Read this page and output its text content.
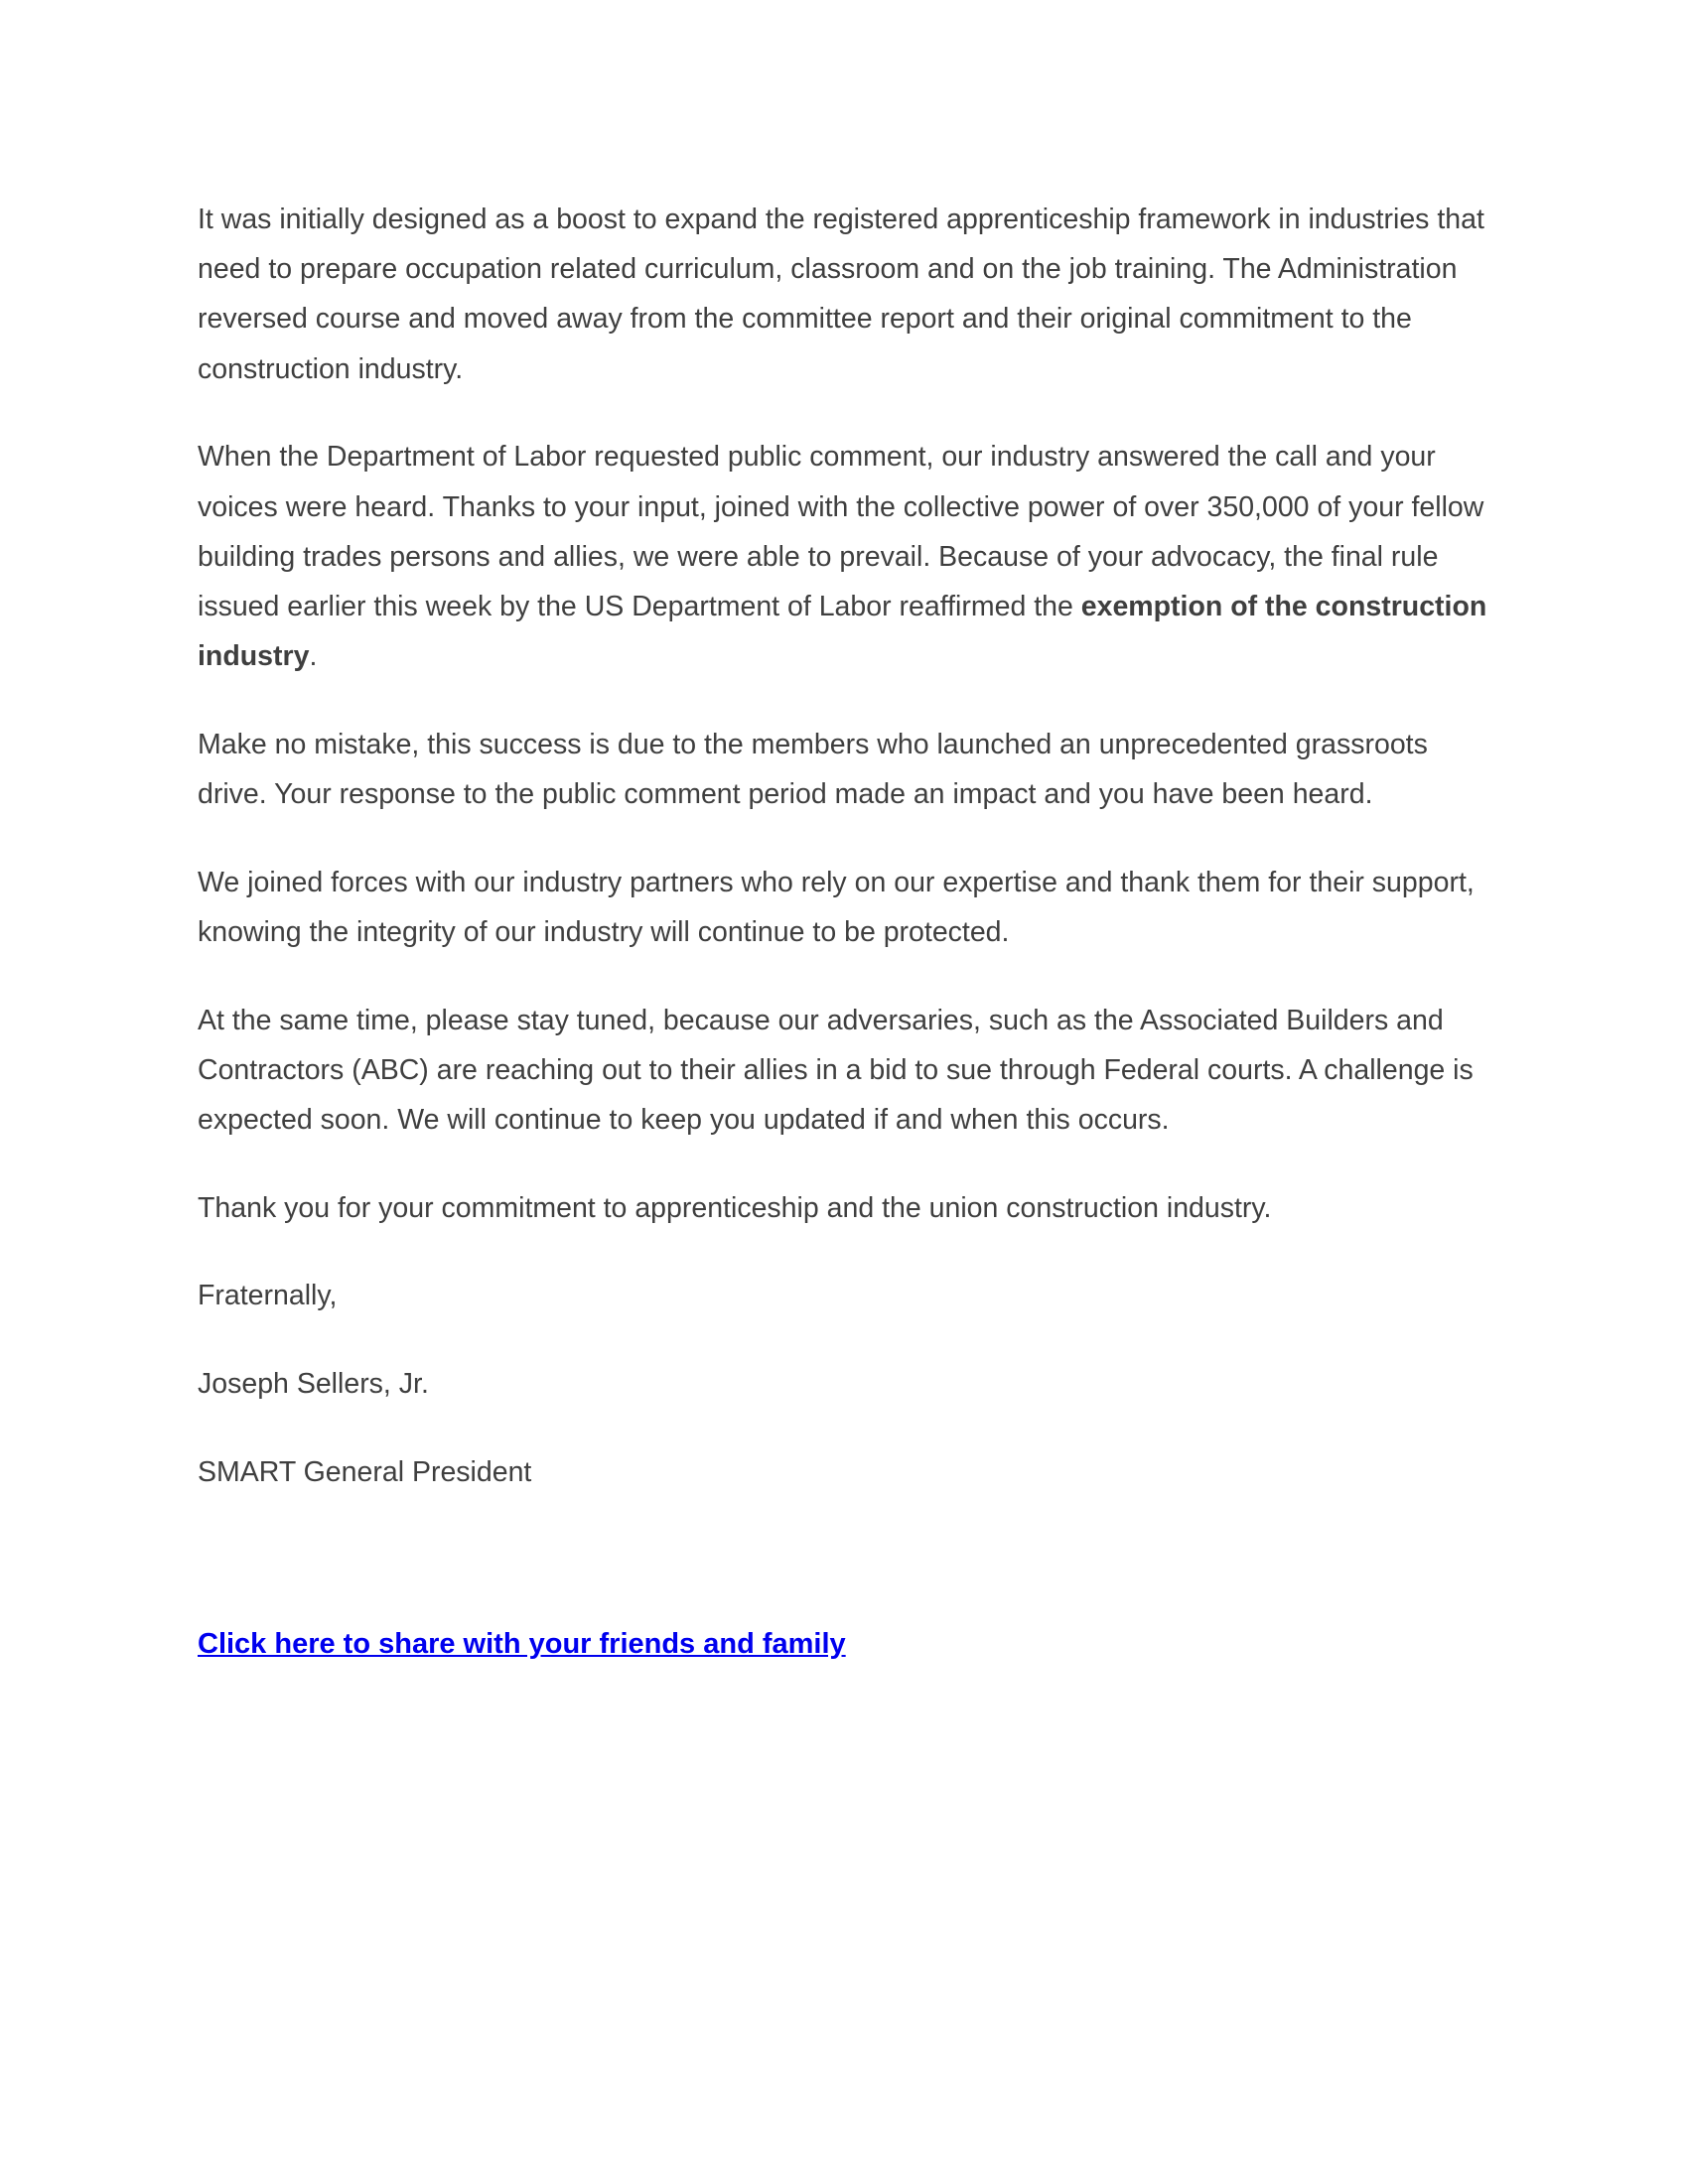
It was initially designed as a boost to expand the registered apprenticeship framework in industries that need to prepare occupation related curriculum, classroom and on the job training. The Administration reversed course and moved away from the committee report and their original commitment to the construction industry.

When the Department of Labor requested public comment, our industry answered the call and your voices were heard. Thanks to your input, joined with the collective power of over 350,000 of your fellow building trades persons and allies, we were able to prevail. Because of your advocacy, the final rule issued earlier this week by the US Department of Labor reaffirmed the exemption of the construction industry.

Make no mistake, this success is due to the members who launched an unprecedented grassroots drive. Your response to the public comment period made an impact and you have been heard.

We joined forces with our industry partners who rely on our expertise and thank them for their support, knowing the integrity of our industry will continue to be protected.

At the same time, please stay tuned, because our adversaries, such as the Associated Builders and Contractors (ABC) are reaching out to their allies in a bid to sue through Federal courts. A challenge is expected soon. We will continue to keep you updated if and when this occurs.

Thank you for your commitment to apprenticeship and the union construction industry.

Fraternally,

Joseph Sellers, Jr.

SMART General President

Click here to share with your friends and family
